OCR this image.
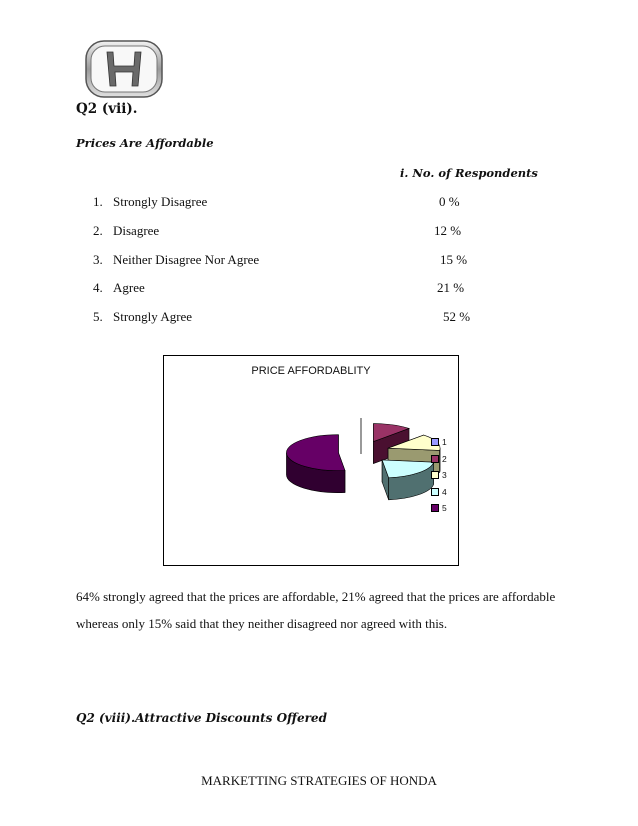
Q2 (vii).
Prices Are Affordable
i. No. of Respondents
1. Strongly Disagree	0 %
2. Disagree	12 %
3. Neither Disagree Nor Agree	15 %
4. Agree	21 %
5. Strongly Agree	52 %
PRICE AFFORDABLITY
1
2
3
4
5
64% strongly agreed that the prices are affordable, 21% agreed that the prices are affordable
whereas only 15% said that they neither disagreed nor agreed with this.
Q2 (viii).Attractive Discounts Offered
MARKETTING STRATEGIES OF HONDA
